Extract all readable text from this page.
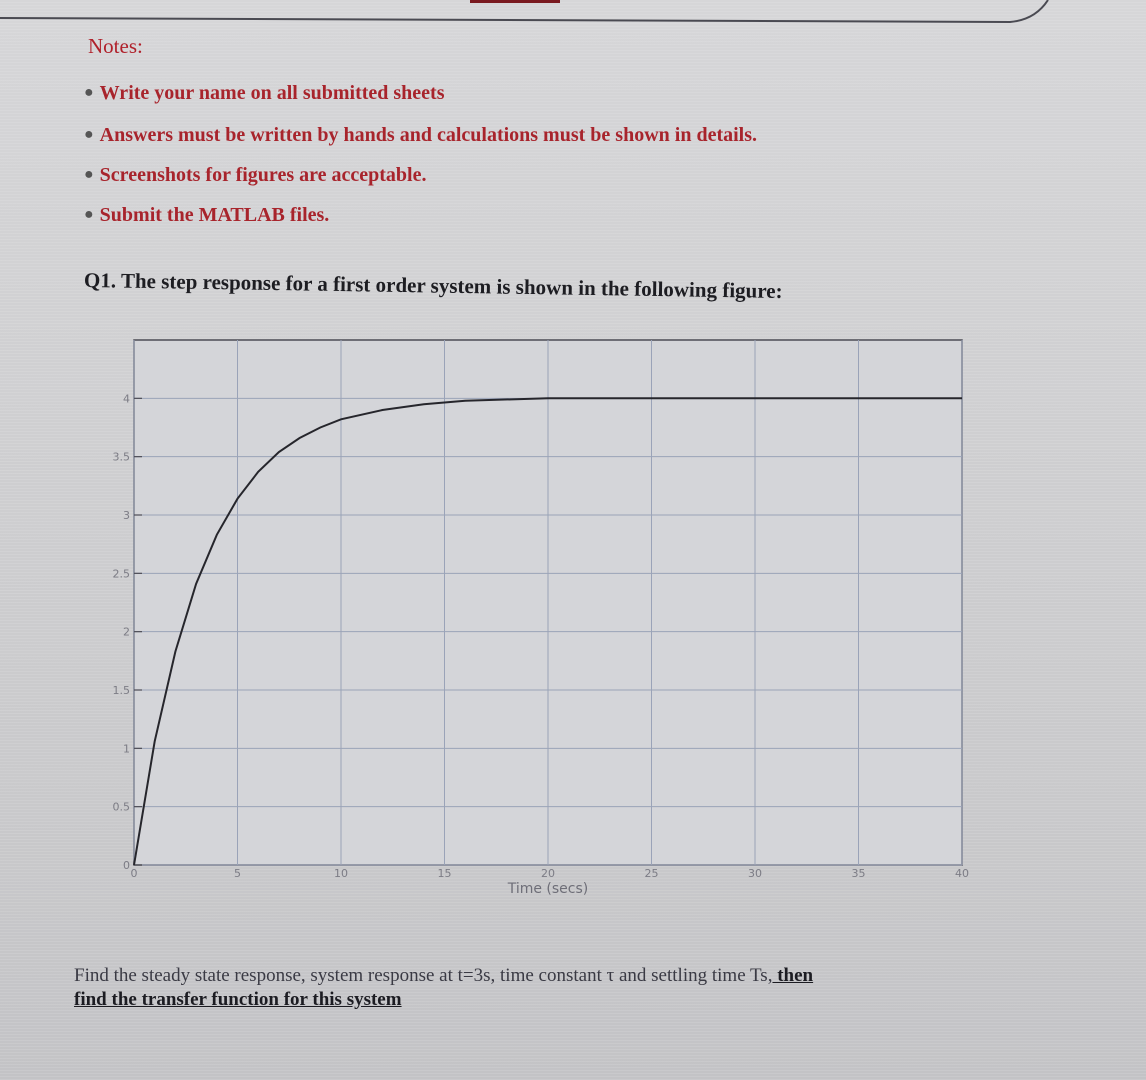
Notes:
● Write your name on all submitted sheets
● Answers must be written by hands and calculations must be shown in details.
● Screenshots for figures are acceptable.
● Submit the MATLAB files.
Q1. The step response for a first order system is shown in the following figure:
0
0.5
1
1.5
2
2.5
3
3.5
4
0	5	10	15	20	25	30	35	40
Time (secs)
Find the steady state response, system response at t=3s, time constant τ and settling time Ts, then
find the transfer function for this system
